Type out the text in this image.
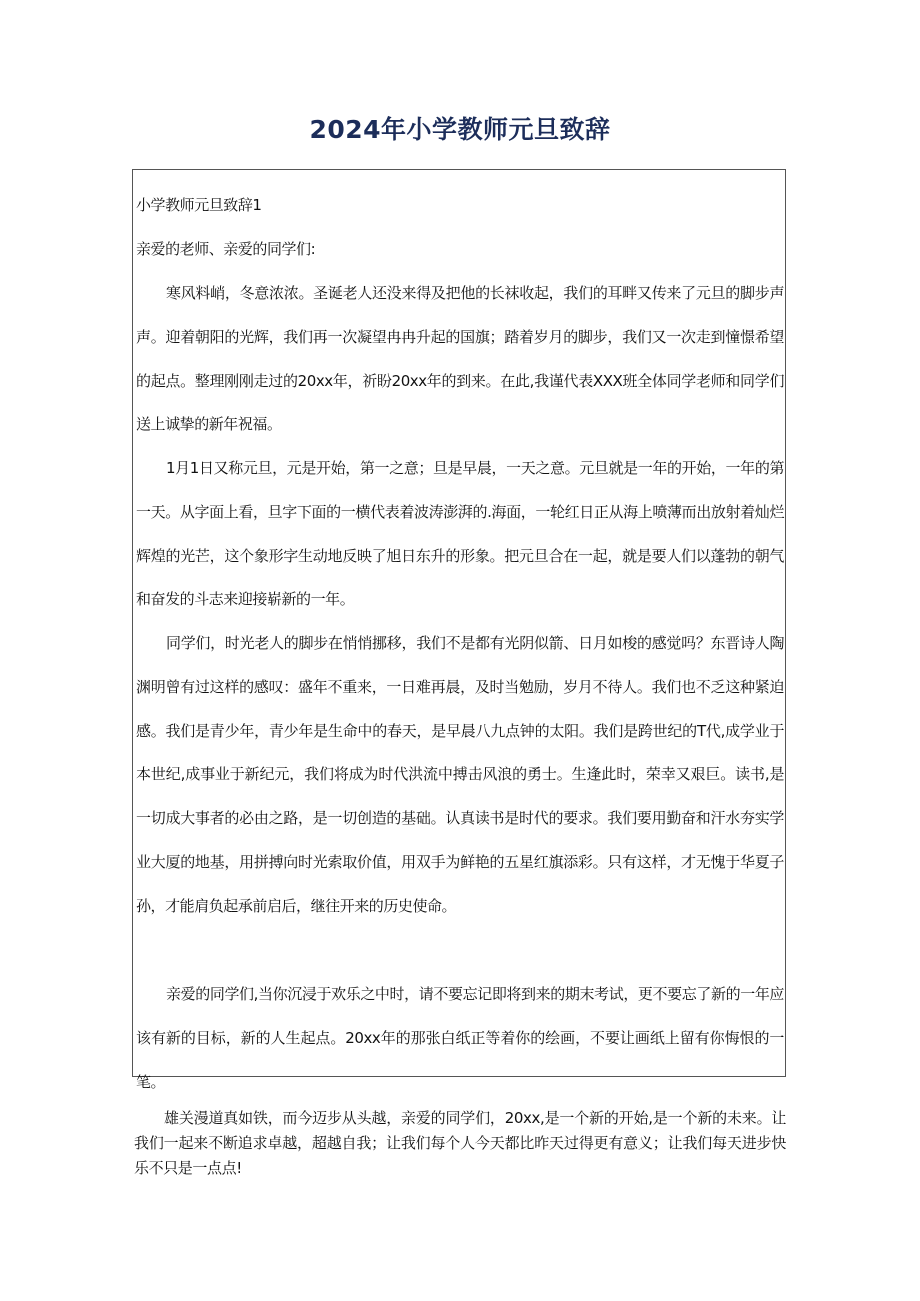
2024年小学教师元旦致辞

小学教师元旦致辞1

亲爱的老师、亲爱的同学们:

寒风料峭，冬意浓浓。圣诞老人还没来得及把他的长袜收起，我们的耳畔又传来了元旦的脚步声声。迎着朝阳的光辉，我们再一次凝望冉冉升起的国旗；踏着岁月的脚步，我们又一次走到憧憬希望的起点。整理刚刚走过的20xx年，祈盼20xx年的到来。在此,我谨代表XXX班全体同学老师和同学们送上诚挚的新年祝福。

1月1日又称元旦，元是开始，第一之意；旦是早晨，一天之意。元旦就是一年的开始，一年的第一天。从字面上看，旦字下面的一横代表着波涛澎湃的.海面，一轮红日正从海上喷薄而出放射着灿烂辉煌的光芒，这个象形字生动地反映了旭日东升的形象。把元旦合在一起，就是要人们以蓬勃的朝气和奋发的斗志来迎接崭新的一年。

同学们，时光老人的脚步在悄悄挪移，我们不是都有光阴似箭、日月如梭的感觉吗？东晋诗人陶渊明曾有过这样的感叹：盛年不重来，一日难再晨，及时当勉励，岁月不待人。我们也不乏这种紧迫感。我们是青少年，青少年是生命中的春天，是早晨八九点钟的太阳。我们是跨世纪的T代,成学业于本世纪,成事业于新纪元，我们将成为时代洪流中搏击风浪的勇士。生逢此时，荣幸又艰巨。读书,是一切成大事者的必由之路，是一切创造的基础。认真读书是时代的要求。我们要用勤奋和汗水夯实学业大厦的地基，用拼搏向时光索取价值，用双手为鲜艳的五星红旗添彩。只有这样，才无愧于华夏子孙，才能肩负起承前启后，继往开来的历史使命。

亲爱的同学们,当你沉浸于欢乐之中时，请不要忘记即将到来的期末考试，更不要忘了新的一年应该有新的目标，新的人生起点。20xx年的那张白纸正等着你的绘画，不要让画纸上留有你悔恨的一笔。

雄关漫道真如铁，而今迈步从头越，亲爱的同学们，20xx,是一个新的开始,是一个新的未来。让我们一起来不断追求卓越，超越自我；让我们每个人今天都比昨天过得更有意义；让我们每天进步快乐不只是一点点!
